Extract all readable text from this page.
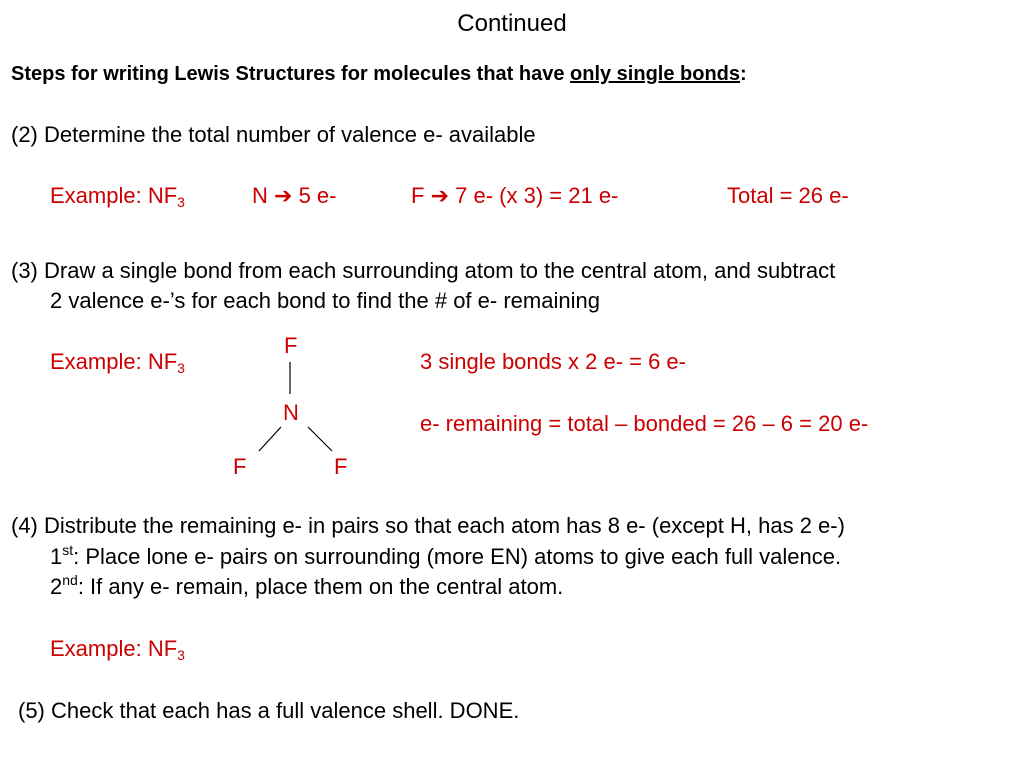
Continued
Steps for writing Lewis Structures for molecules that have only single bonds:
(2) Determine the total number of valence e- available
Example: $NF_3$	N ➔ 5 e-	F ➔ 7 e- (x 3) = 21 e-	Total = 26 e-
(3) Draw a single bond from each surrounding atom to the central atom, and subtract
2 valence e-’s for each bond to find the # of e- remaining
Example: $NF_3$
F
N
F	F
3 single bonds x 2 e- = 6 e-
e- remaining = total – bonded = 26 – 6 = 20 e-
(4) Distribute the remaining e- in pairs so that each atom has 8 e- (except H, has 2 e-)
1st: Place lone e- pairs on surrounding (more EN) atoms to give each full valence.
2nd: If any e- remain, place them on the central atom.
Example: $NF_3$
(5) Check that each has a full valence shell. DONE.
